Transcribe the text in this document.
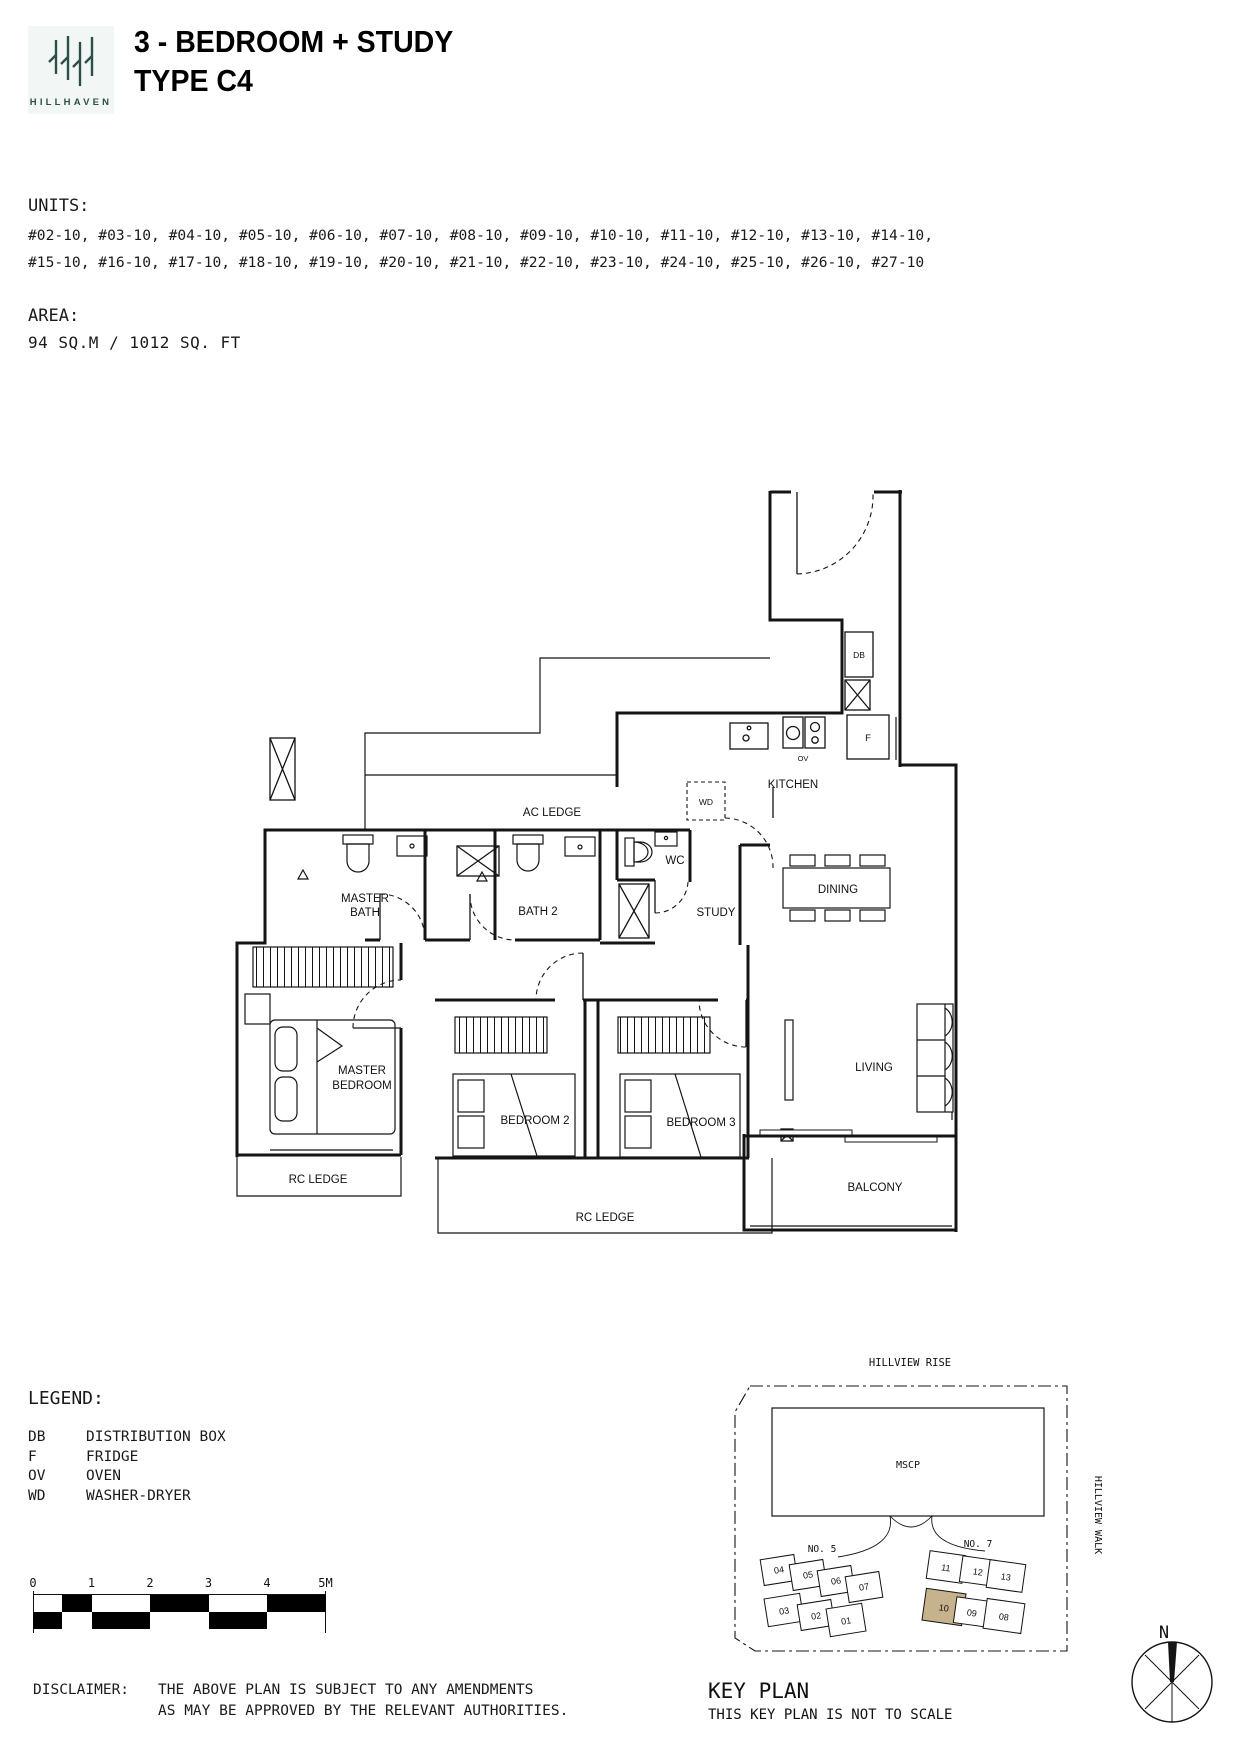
HILLHAVEN
3 - BEDROOM + STUDY
TYPE C4
UNITS:
#02-10, #03-10, #04-10, #05-10, #06-10, #07-10, #08-10, #09-10, #10-10, #11-10, #12-10, #13-10, #14-10,
#15-10, #16-10, #17-10, #18-10, #19-10, #20-10, #21-10, #22-10, #23-10, #24-10, #25-10, #26-10, #27-10
AREA:
94 SQ.M / 1012 SQ. FT
AC LEDGE
KITCHEN
MASTER
BATH	BATH 2
WC
STUDY
DINING
MASTER
BEDROOM
BEDROOM 2	BEDROOM 3
LIVING
BALCONY
RC LEDGE
RC LEDGE
DB
F
OV
WD
LEGEND:
DB	DISTRIBUTION BOX
F	FRIDGE
OV	OVEN
WD	WASHER-DRYER
0	1	2	3	4	5M
DISCLAIMER:	THE ABOVE PLAN IS SUBJECT TO ANY AMENDMENTS
AS MAY BE APPROVED BY THE RELEVANT AUTHORITIES.
MSCP
HILLVIEW RISE
HILLVIEW WALK
NO. 5	NO. 7
04 05
06
07
03 02 01
11 12 13
10 09 08
KEY PLAN
THIS KEY PLAN IS NOT TO SCALE
N
